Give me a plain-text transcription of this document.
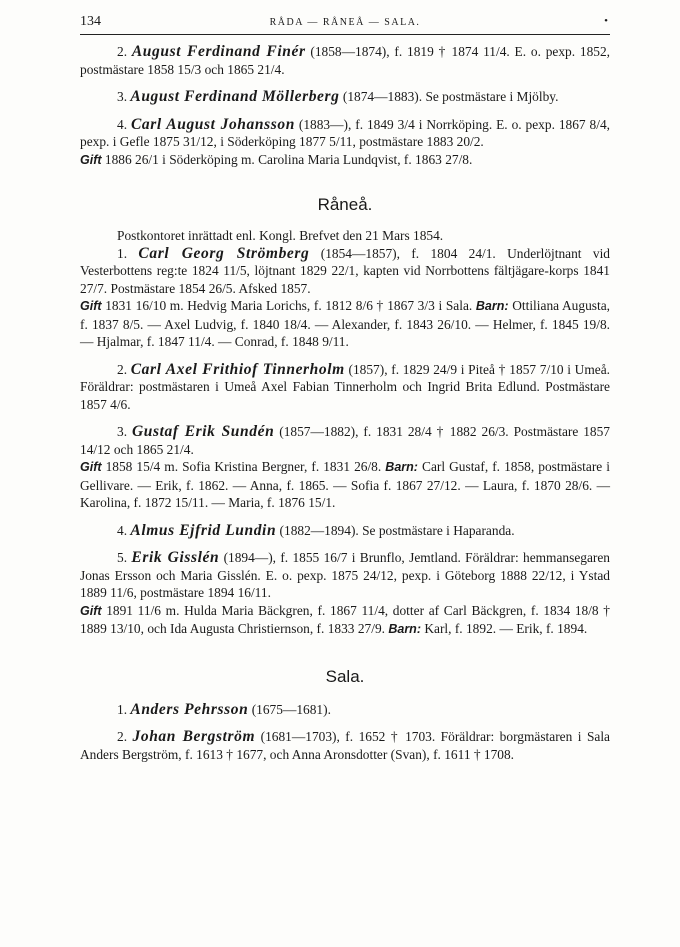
134	RÅDA — RÅNEÅ — SALA.	•

2. August Ferdinand Finér (1858—1874), f. 1819 † 1874 11/4. E. o. pexp. 1852, postmästare 1858 15/3 och 1865 21/4.

3. August Ferdinand Möllerberg (1874—1883). Se postmästare i Mjölby.

4. Carl August Johansson (1883—), f. 1849 3/4 i Norrköping. E. o. pexp. 1867 8/4, pexp. i Gefle 1875 31/12, i Söderköping 1877 5/11, postmästare 1883 20/2.
Gift 1886 26/1 i Söderköping m. Carolina Maria Lundqvist, f. 1863 27/8.

Råneå.

Postkontoret inrättadt enl. Kongl. Brefvet den 21 Mars 1854.

1. Carl Georg Strömberg (1854—1857), f. 1804 24/1. Underlöjtnant vid Vesterbottens reg:te 1824 11/5, löjtnant 1829 22/1, kapten vid Norrbottens fältjägare-korps 1841 27/7. Postmästare 1854 26/5. Afsked 1857.
Gift 1831 16/10 m. Hedvig Maria Lorichs, f. 1812 8/6 † 1867 3/3 i Sala. Barn: Ottiliana Augusta, f. 1837 8/5. — Axel Ludvig, f. 1840 18/4. — Alexander, f. 1843 26/10. — Helmer, f. 1845 19/8. — Hjalmar, f. 1847 11/4. — Conrad, f. 1848 9/11.

2. Carl Axel Frithiof Tinnerholm (1857), f. 1829 24/9 i Piteå † 1857 7/10 i Umeå. Föräldrar: postmästaren i Umeå Axel Fabian Tinnerholm och Ingrid Brita Edlund. Postmästare 1857 4/6.

3. Gustaf Erik Sundén (1857—1882), f. 1831 28/4 † 1882 26/3. Postmästare 1857 14/12 och 1865 21/4.
Gift 1858 15/4 m. Sofia Kristina Bergner, f. 1831 26/8. Barn: Carl Gustaf, f. 1858, postmästare i Gellivare. — Erik, f. 1862. — Anna, f. 1865. — Sofia f. 1867 27/12. — Laura, f. 1870 28/6. — Karolina, f. 1872 15/11. — Maria, f. 1876 15/1.

4. Almus Ejfrid Lundin (1882—1894). Se postmästare i Haparanda.

5. Erik Gisslén (1894—), f. 1855 16/7 i Brunflo, Jemtland. Föräldrar: hemmansegaren Jonas Ersson och Maria Gisslén. E. o. pexp. 1875 24/12, pexp. i Göteborg 1888 22/12, i Ystad 1889 11/6, postmästare 1894 16/11.
Gift 1891 11/6 m. Hulda Maria Bäckgren, f. 1867 11/4, dotter af Carl Bäckgren, f. 1834 18/8 † 1889 13/10, och Ida Augusta Christiernson, f. 1833 27/9. Barn: Karl, f. 1892. — Erik, f. 1894.

Sala.

1. Anders Pehrsson (1675—1681).

2. Johan Bergström (1681—1703), f. 1652 † 1703. Föräldrar: borgmästaren i Sala Anders Bergström, f. 1613 † 1677, och Anna Aronsdotter (Svan), f. 1611 † 1708.
